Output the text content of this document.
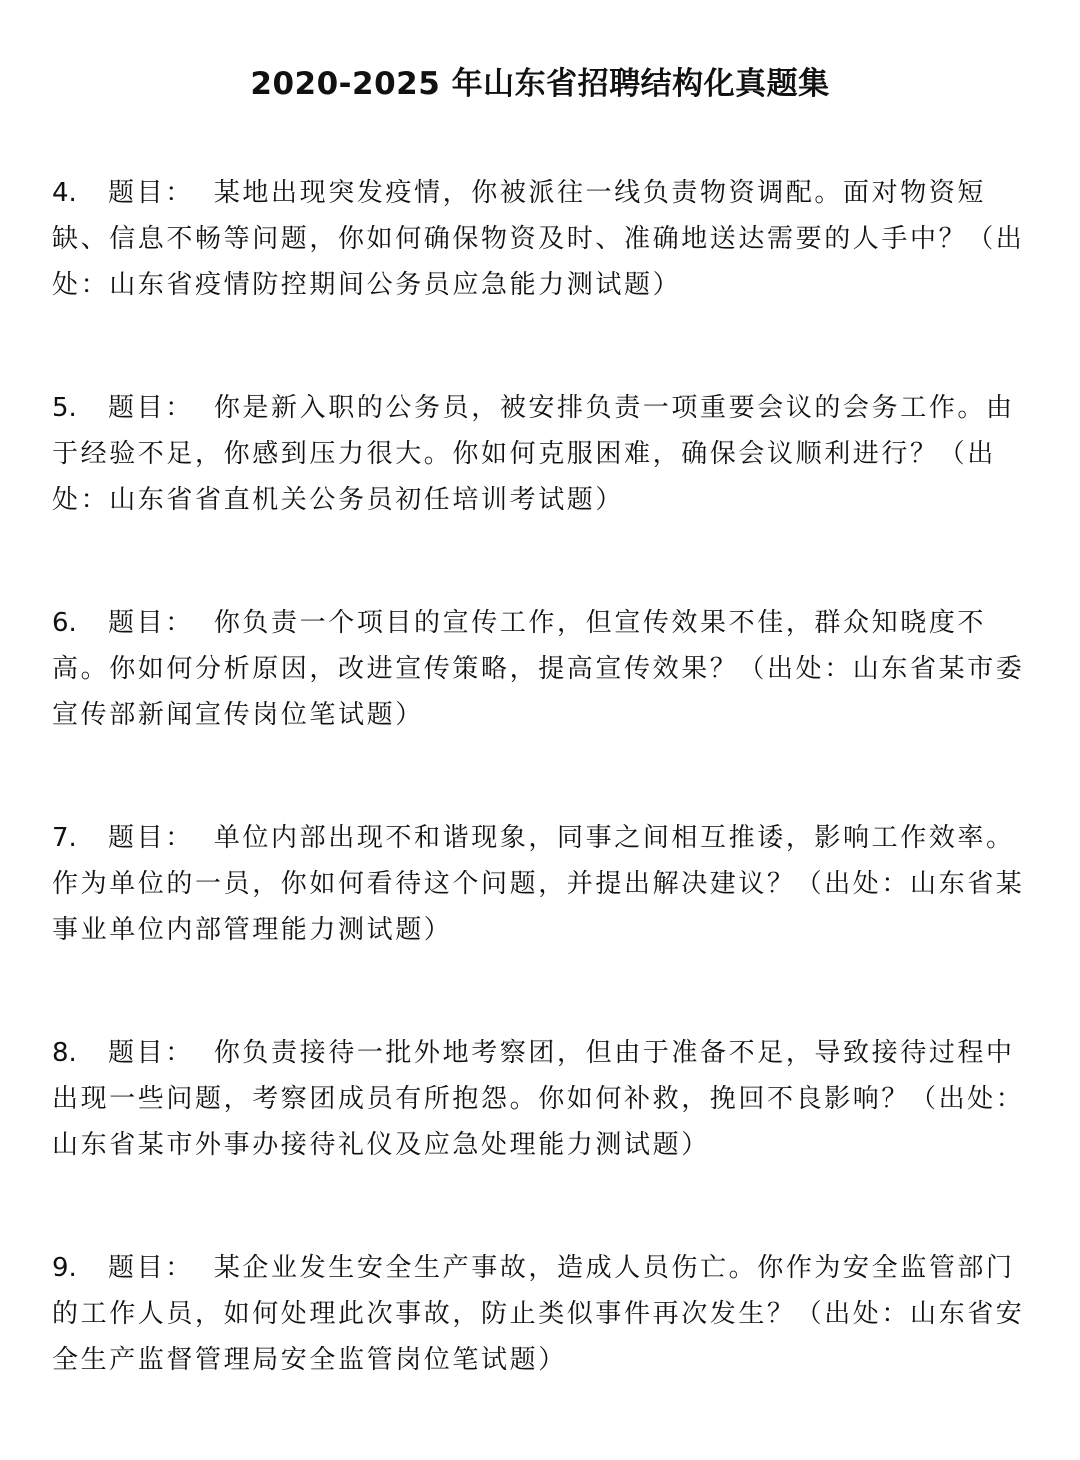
2020-2025 年山东省招聘结构化真题集

4. 题目： 某地出现突发疫情，你被派往一线负责物资调配。面对物资短缺、信息不畅等问题，你如何确保物资及时、准确地送达需要的人手中？（出处：山东省疫情防控期间公务员应急能力测试题）

5. 题目： 你是新入职的公务员，被安排负责一项重要会议的会务工作。由于经验不足，你感到压力很大。你如何克服困难，确保会议顺利进行？（出处：山东省省直机关公务员初任培训考试题）

6. 题目： 你负责一个项目的宣传工作，但宣传效果不佳，群众知晓度不高。你如何分析原因，改进宣传策略，提高宣传效果？（出处：山东省某市委宣传部新闻宣传岗位笔试题）

7. 题目： 单位内部出现不和谐现象，同事之间相互推诿，影响工作效率。作为单位的一员，你如何看待这个问题，并提出解决建议？（出处：山东省某事业单位内部管理能力测试题）

8. 题目： 你负责接待一批外地考察团，但由于准备不足，导致接待过程中出现一些问题，考察团成员有所抱怨。你如何补救，挽回不良影响？（出处：山东省某市外事办接待礼仪及应急处理能力测试题）

9. 题目： 某企业发生安全生产事故，造成人员伤亡。你作为安全监管部门的工作人员，如何处理此次事故，防止类似事件再次发生？（出处：山东省安全生产监督管理局安全监管岗位笔试题）
